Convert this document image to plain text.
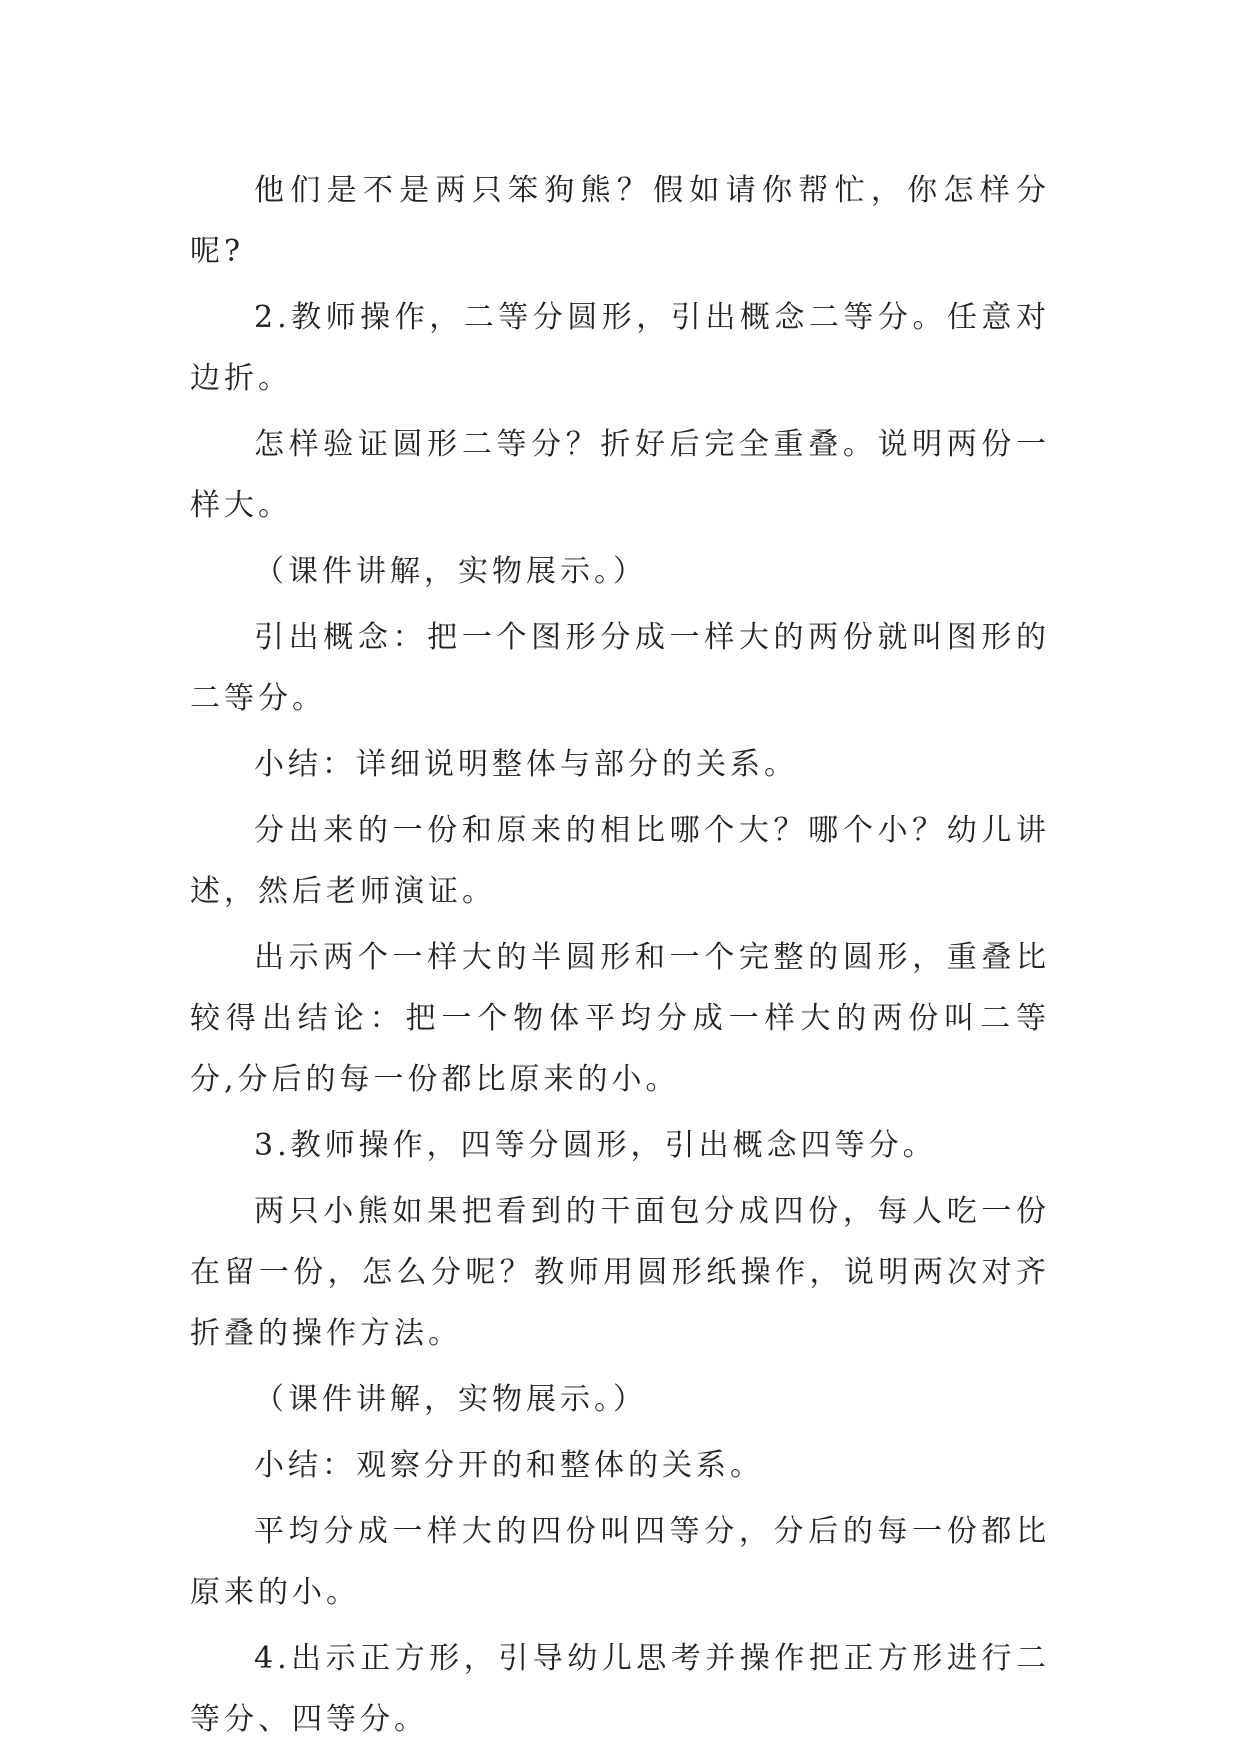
他们是不是两只笨狗熊？假如请你帮忙，你怎样分呢?

2.教师操作，二等分圆形，引出概念二等分。任意对边折。

怎样验证圆形二等分？折好后完全重叠。说明两份一样大。

（课件讲解，实物展示。）

引出概念：把一个图形分成一样大的两份就叫图形的二等分。

小结：详细说明整体与部分的关系。

分出来的一份和原来的相比哪个大？哪个小？幼儿讲述，然后老师演证。

出示两个一样大的半圆形和一个完整的圆形，重叠比较得出结论：把一个物体平均分成一样大的两份叫二等分,分后的每一份都比原来的小。

3.教师操作，四等分圆形，引出概念四等分。

两只小熊如果把看到的干面包分成四份，每人吃一份在留一份，怎么分呢？教师用圆形纸操作，说明两次对齐折叠的操作方法。

（课件讲解，实物展示。）

小结：观察分开的和整体的关系。

平均分成一样大的四份叫四等分，分后的每一份都比原来的小。

4.出示正方形，引导幼儿思考并操作把正方形进行二等分、四等分。
